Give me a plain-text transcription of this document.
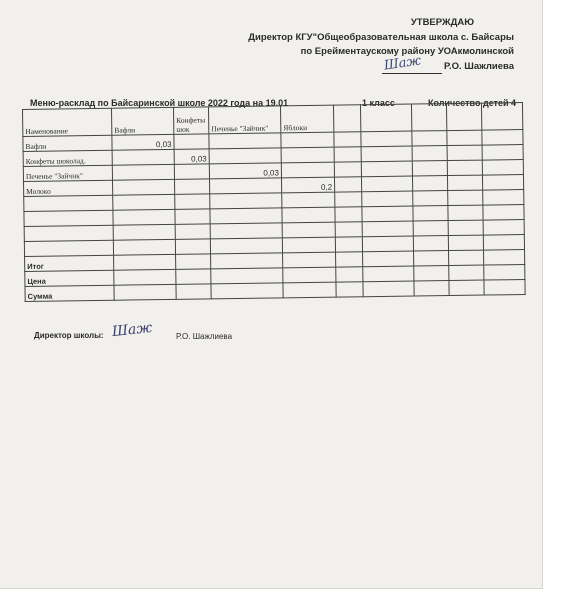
УТВЕРЖДАЮ
Директор КГУ"Общеобразовательная школа с. Байсары
по Ерейментаускому району УОАкмолинской
Шаж Р.О. Шажлиева
Меню-расклад по Байсаринской школе 2022 года на 19.01	1 класс	Количество детей 4
Наменование	Вафли	Конфеты шок	Печенье "Зайчик"	Яблоки					
Вафли	0,03								
Конфеты шоколад.		0,03							
Печенье "Зайчик"			0,03						
Молоко				0,2					

Итог									
Цена									
Сумма									
Директор школы: Шаж	Р.О. Шажлиева
